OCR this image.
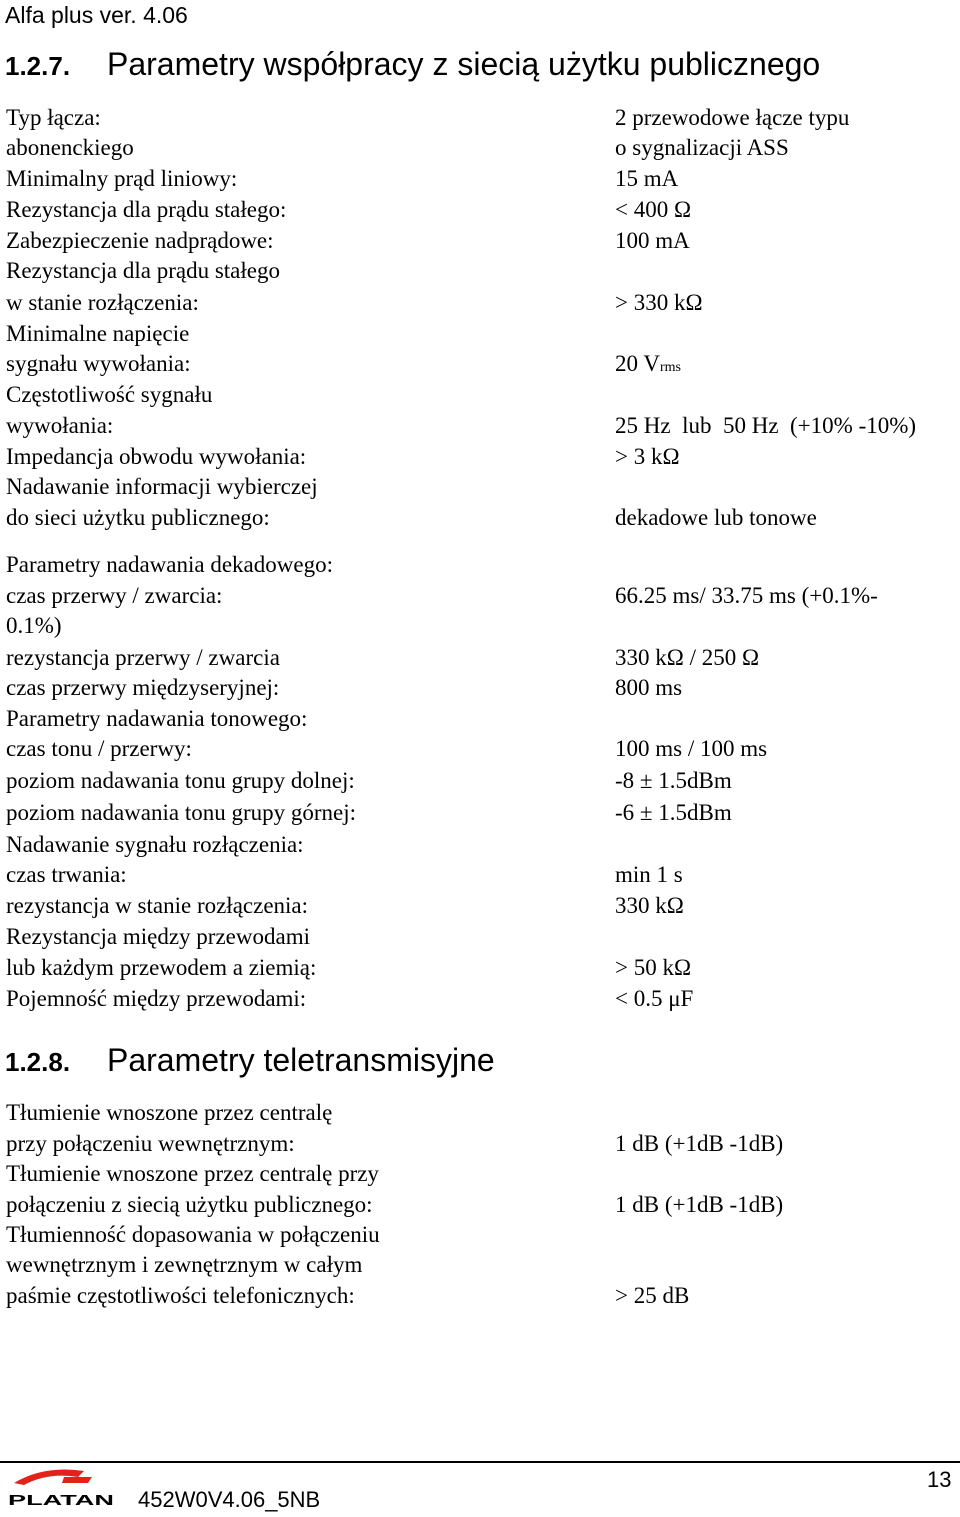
Alfa plus ver. 4.06
1.2.7. Parametry współpracy z siecią użytku publicznego
Typ łącza:	2 przewodowe łącze typu
abonenckiego	o sygnalizacji ASS
Minimalny prąd liniowy:	15 mA
Rezystancja dla prądu stałego:	< 400 Ω
Zabezpieczenie nadprądowe:	100 mA
Rezystancja dla prądu stałego
w stanie rozłączenia:	> 330 kΩ
Minimalne napięcie
sygnału wywołania:	20 Vrms
Częstotliwość sygnału
wywołania:	25 Hz  lub  50 Hz  (+10% -10%)
Impedancja obwodu wywołania:	> 3 kΩ
Nadawanie informacji wybierczej
do sieci użytku publicznego:	dekadowe lub tonowe
Parametry nadawania dekadowego:
czas przerwy / zwarcia:	66.25 ms/ 33.75 ms (+0.1%-
0.1%)
rezystancja przerwy / zwarcia	330 kΩ / 250 Ω
czas przerwy międzyseryjnej:	800 ms
Parametry nadawania tonowego:
czas tonu / przerwy:	100 ms / 100 ms
poziom nadawania tonu grupy dolnej:	-8 ± 1.5dBm
poziom nadawania tonu grupy górnej:	-6 ± 1.5dBm
Nadawanie sygnału rozłączenia:
czas trwania:	min 1 s
rezystancja w stanie rozłączenia:	330 kΩ
Rezystancja między przewodami
lub każdym przewodem a ziemią:	> 50 kΩ
Pojemność między przewodami:	< 0.5 μF
1.2.8. Parametry teletransmisyjne
Tłumienie wnoszone przez centralę
przy połączeniu wewnętrznym:	1 dB (+1dB -1dB)
Tłumienie wnoszone przez centralę przy
połączeniu z siecią użytku publicznego:	1 dB (+1dB -1dB)
Tłumienność dopasowania w połączeniu
wewnętrznym i zewnętrznym w całym
paśmie częstotliwości telefonicznych:	> 25 dB
PLATAN 452W0V4.06_5NB
13
